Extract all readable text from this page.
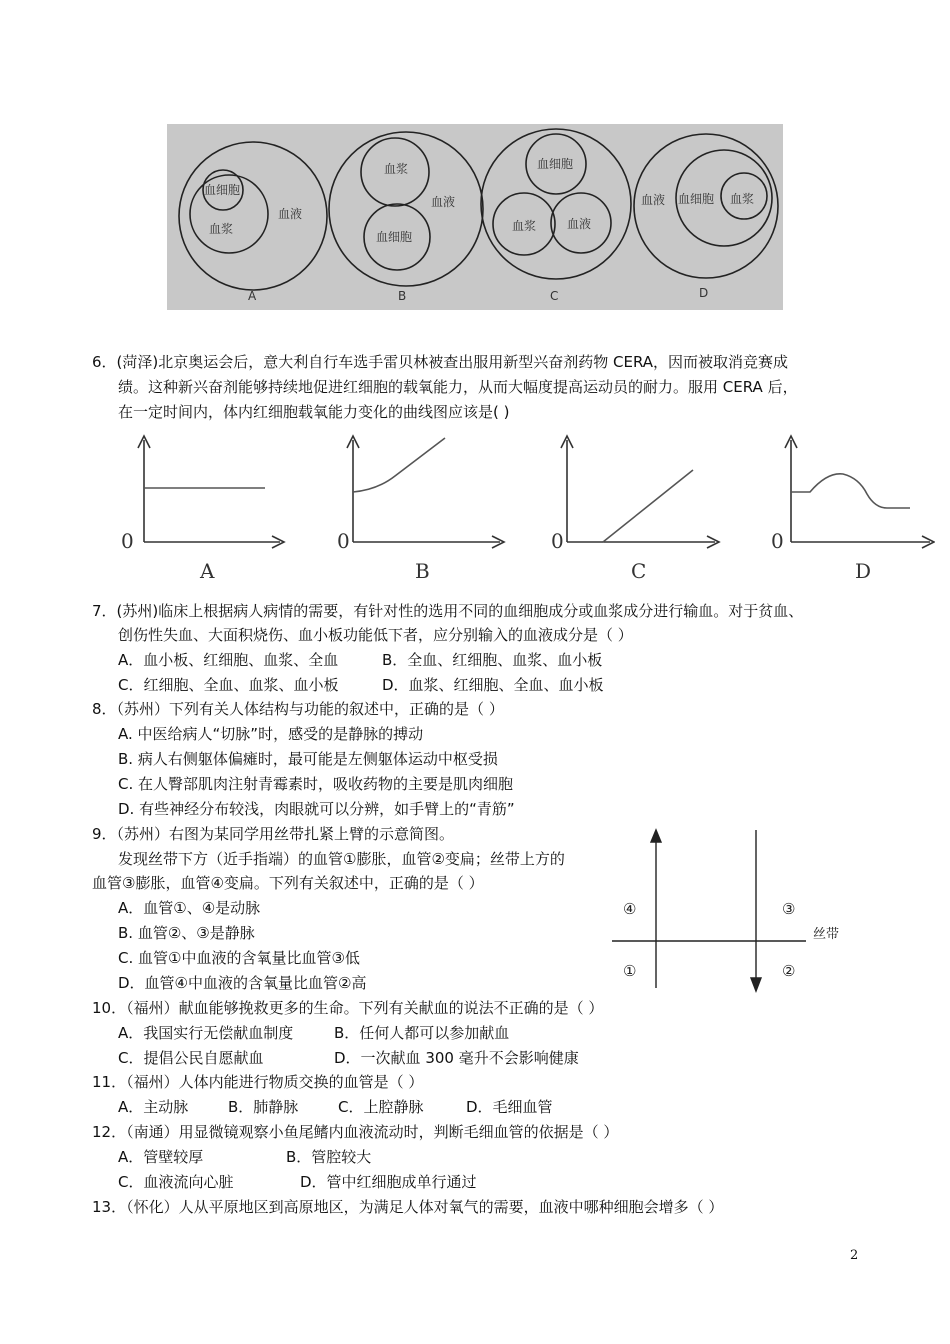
血细胞
血浆
血液
血浆
血液
血细胞
血细胞
血浆	血液
血液 血细胞 血浆
A	B	C	D
6．(菏泽)北京奥运会后，意大利自行车选手雷贝林被查出服用新型兴奋剂药物 CERA，因而被取消竞赛成
绩。这种新兴奋剂能够持续地促进红细胞的载氧能力，从而大幅度提高运动员的耐力。服用 CERA 后，
在一定时间内，体内红细胞载氧能力变化的曲线图应该是( )
0	0	0	0
A	B	C	D
7．(苏州)临床上根据病人病情的需要，有针对性的选用不同的血细胞成分或血浆成分进行输血。对于贫血、
创伤性失血、大面积烧伤、血小板功能低下者，应分别输入的血液成分是（ ）
A．血小板、红细胞、血浆、全血	B．全血、红细胞、血浆、血小板
C．红细胞、全血、血浆、血小板	D．血浆、红细胞、全血、血小板
8．（苏州）下列有关人体结构与功能的叙述中，正确的是（ ）
A. 中医给病人“切脉”时，感受的是静脉的搏动
B. 病人右侧躯体偏瘫时，最可能是左侧躯体运动中枢受损
C. 在人臀部肌肉注射青霉素时，吸收药物的主要是肌肉细胞
D. 有些神经分布较浅，肉眼就可以分辨，如手臂上的“青筋”
9．（苏州）右图为某同学用丝带扎紧上臂的示意简图。
发现丝带下方（近手指端）的血管①膨胀，血管②变扁；丝带上方的
血管③膨胀，血管④变扁。下列有关叙述中，正确的是（ ）
A．血管①、④是动脉
B. 血管②、③是静脉
C. 血管①中血液的含氧量比血管③低
D．血管④中血液的含氧量比血管②高
④	③
①	②
丝带
10．（福州）献血能够挽救更多的生命。下列有关献血的说法不正确的是（ ）
A．我国实行无偿献血制度	B．任何人都可以参加献血
C．提倡公民自愿献血	D．一次献血 300 毫升不会影响健康
11．（福州）人体内能进行物质交换的血管是（ ）
A．主动脉	B．肺静脉	C．上腔静脉	D．毛细血管
12．（南通）用显微镜观察小鱼尾鳍内血液流动时，判断毛细血管的依据是（ ）
A．管壁较厚	B．管腔较大
C．血液流向心脏	D．管中红细胞成单行通过
13．（怀化）人从平原地区到高原地区，为满足人体对氧气的需要，血液中哪种细胞会增多（ ）
2
